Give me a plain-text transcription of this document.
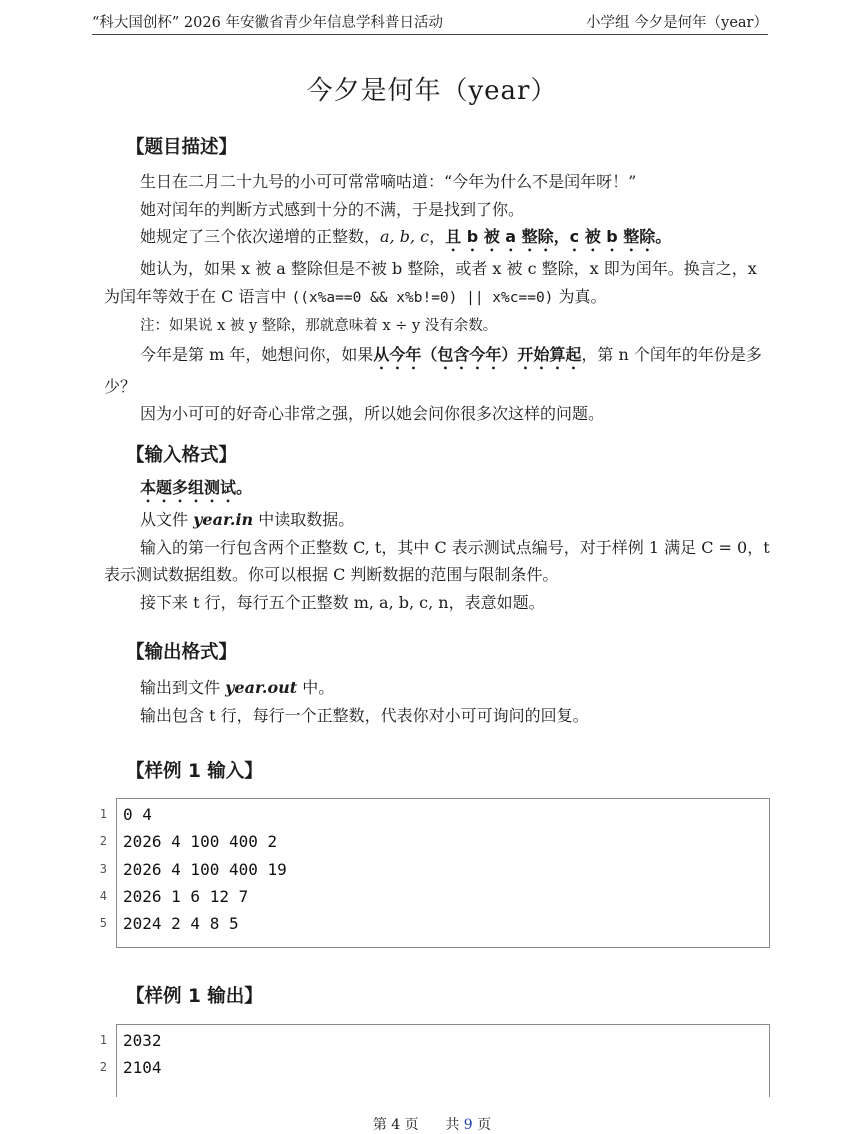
“科大国创杯” 2026 年安徽省青少年信息学科普日活动	小学组 今夕是何年（year）
今夕是何年（year）
【题目描述】

生日在二月二十九号的小可可常常嘀咕道：“今年为什么不是闰年呀！”

她对闰年的判断方式感到十分的不满，于是找到了你。

她规定了三个依次递增的正整数，a, b, c，且 b 被 a 整除，c 被 b 整除。

她认为，如果 x 被 a 整除但是不被 b 整除，或者 x 被 c 整除，x 即为闰年。换言之，x 为闰年等效于在 C 语言中 ((x%a==0 && x%b!=0) || x%c==0) 为真。

注：如果说 x 被 y 整除，那就意味着 x ÷ y 没有余数。

今年是第 m 年，她想问你，如果从今年（包含今年）开始算起，第 n 个闰年的年份是多少？

因为小可可的好奇心非常之强，所以她会问你很多次这样的问题。

【输入格式】

本题多组测试。

从文件 year.in 中读取数据。

输入的第一行包含两个正整数 C, t，其中 C 表示测试点编号，对于样例 1 满足 C = 0，t 表示测试数据组数。你可以根据 C 判断数据的范围与限制条件。

接下来 t 行，每行五个正整数 m, a, b, c, n，表意如题。

【输出格式】

输出到文件 year.out 中。

输出包含 t 行，每行一个正整数，代表你对小可可询问的回复。

【样例 1 输入】
1 0 4
2 2026 4 100 400 2
3 2026 4 100 400 19
4 2026 1 6 12 7
5 2024 2 4 8 5
【样例 1 输出】
1 2032
2 2104
第 4 页 共 9 页
